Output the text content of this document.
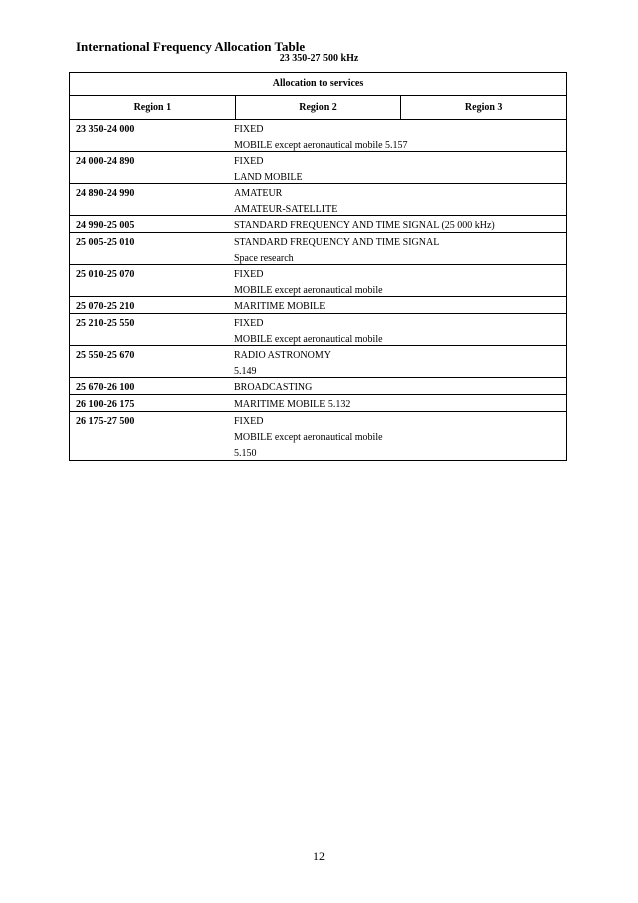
International Frequency Allocation Table
23 350-27 500 kHz
Allocation to services
Region 1	Region 2	Region 3
23 350-24 000	FIXED
MOBILE except aeronautical mobile 5.157
24 000-24 890	FIXED
LAND MOBILE
24 890-24 990	AMATEUR
AMATEUR-SATELLITE
24 990-25 005	STANDARD FREQUENCY AND TIME SIGNAL (25 000 kHz)
25 005-25 010	STANDARD FREQUENCY AND TIME SIGNAL
Space research
25 010-25 070	FIXED
MOBILE except aeronautical mobile
25 070-25 210	MARITIME MOBILE
25 210-25 550	FIXED
MOBILE except aeronautical mobile
25 550-25 670	RADIO ASTRONOMY
5.149
25 670-26 100	BROADCASTING
26 100-26 175	MARITIME MOBILE 5.132
26 175-27 500	FIXED
MOBILE except aeronautical mobile
5.150
12
